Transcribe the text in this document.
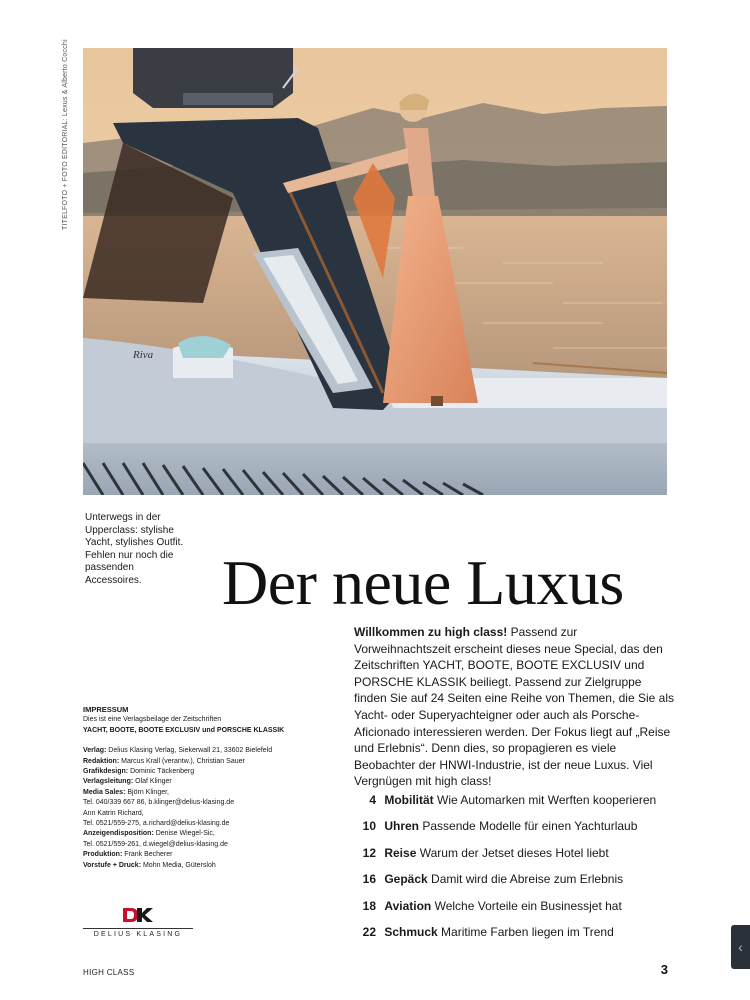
TITELFOTO + FOTO EDITORIAL: Lexus & Alberto Cocchi
Riva
Unterwegs in der Upperclass: stylishe Yacht, stylishes Outfit. Fehlen nur noch die passenden Accessoires.	Der neue Luxus
Willkommen zu high class! Passend zur Vorweihnachtszeit erscheint dieses neue Special, das den Zeitschriften YACHT, BOOTE, BOOTE EXCLUSIV und PORSCHE KLASSIK beiliegt. Passend zur Zielgruppe finden Sie auf 24 Seiten eine Reihe von Themen, die Sie als Yacht- oder Superyachteigner oder auch als Porsche-Aficionado interessieren werden. Der Fokus liegt auf „Reise und Erlebnis“. Denn dies, so propagieren es viele Beobachter der HNWI-Industrie, ist der neue Luxus. Viel Vergnügen mit high class!
4 Mobilität Wie Automarken mit Werften kooperieren
10 Uhren Passende Modelle für einen Yachturlaub
12 Reise Warum der Jetset dieses Hotel liebt
16 Gepäck Damit wird die Abreise zum Erlebnis
18 Aviation Welche Vorteile ein Businessjet hat
22 Schmuck Maritime Farben liegen im Trend
IMPRESSUM
Dies ist eine Verlagsbeilage der Zeitschriften
YACHT, BOOTE, BOOTE EXCLUSIV und PORSCHE KLASSIK
Verlag: Delius Klasing Verlag, Siekerwall 21, 33602 Bielefeld
Redaktion: Marcus Krall (verantw.), Christian Sauer
Grafikdesign: Dominic Täckenberg
Verlagsleitung: Olaf Klinger
Media Sales: Björn Klinger,
Tel. 040/339 667 86, b.klinger@delius-klasing.de
Ann Katrin Richard,
Tel. 0521/559-275, a.richard@delius-klasing.de
Anzeigendisposition: Denise Wiegel-Sic,
Tel. 0521/559-261, d.wiegel@delius-klasing.de
Produktion: Frank Becherer
Vorstufe + Druck: Mohn Media, Gütersloh
DELIUS KLASING
HIGH CLASS	3
‹
